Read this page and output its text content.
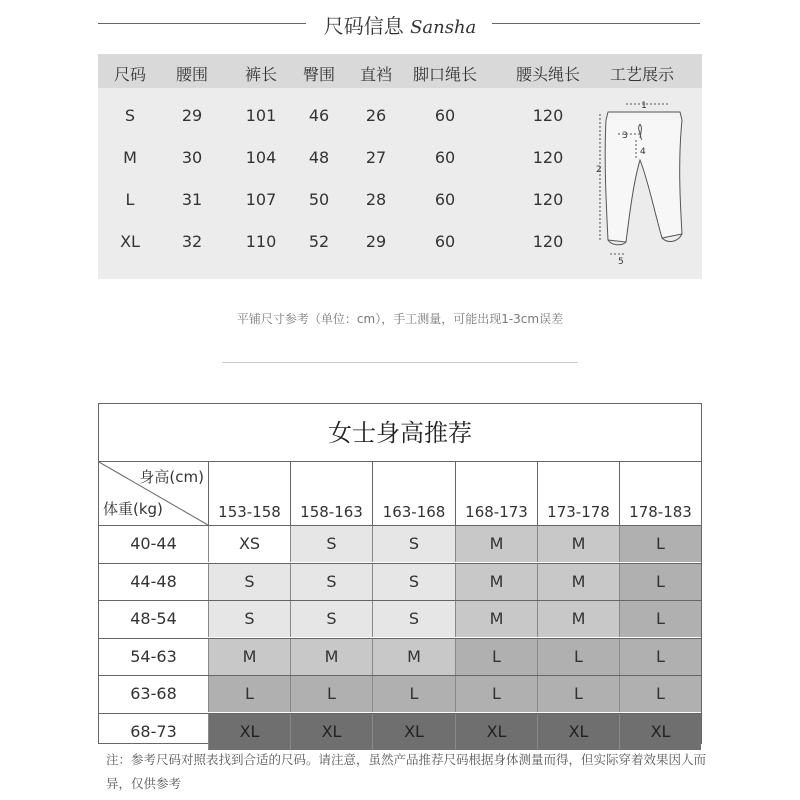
尺码信息 Sansha
尺码	腰围	裤长	臀围	直裆	脚口绳长	腰头绳长	工艺展示
S	29	101	46	26	60	120
M	30	104	48	27	60	120
L	31	107	50	28	60	120
XL	32	110	52	29	60	120
1
2
3
4
5
平铺尺寸参考（单位：cm），手工测量，可能出现1-3cm误差
女士身高推荐
身高(cm)
体重(kg)	153-158	158-163	163-168	168-173	173-178	178-183
40-44	XS	S	S	M	M	L
44-48	S	S	S	M	M	L
48-54	S	S	S	M	M	L
54-63	M	M	M	L	L	L
63-68	L	L	L	L	L	L
68-73	XL	XL	XL	XL	XL	XL
注：参考尺码对照表找到合适的尺码。请注意，虽然产品推荐尺码根据身体测量而得，但实际穿着效果因人而异，仅供参考
